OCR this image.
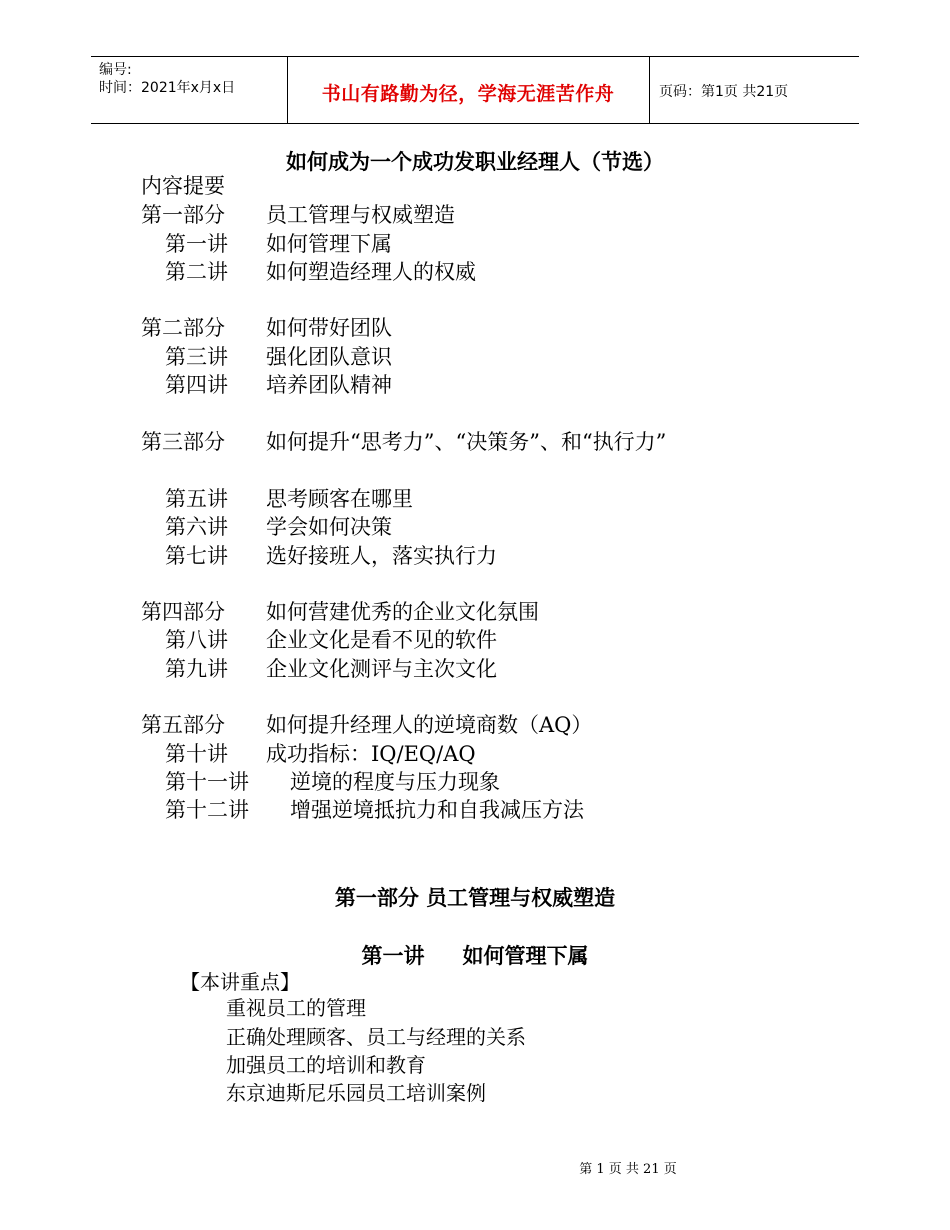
编号:
时间：2021年x月x日	书山有路勤为径，学海无涯苦作舟	页码：第1页 共21页
如何成为一个成功发职业经理人（节选）
内容提要
第一部分 员工管理与权威塑造
第一讲 如何管理下属
第二讲 如何塑造经理人的权威
第二部分 如何带好团队
第三讲 强化团队意识
第四讲 培养团队精神
第三部分 如何提升“思考力”、“决策务”、和“执行力”
第五讲 思考顾客在哪里
第六讲 学会如何决策
第七讲 选好接班人，落实执行力
第四部分 如何营建优秀的企业文化氛围
第八讲 企业文化是看不见的软件
第九讲 企业文化测评与主次文化
第五部分 如何提升经理人的逆境商数（AQ）
第十讲 成功指标：IQ/EQ/AQ
第十一讲 逆境的程度与压力现象
第十二讲 增强逆境抵抗力和自我减压方法
第一部分 员工管理与权威塑造
第一讲 如何管理下属
【本讲重点】
重视员工的管理
正确处理顾客、员工与经理的关系
加强员工的培训和教育
东京迪斯尼乐园员工培训案例
第 1 页 共 21 页
